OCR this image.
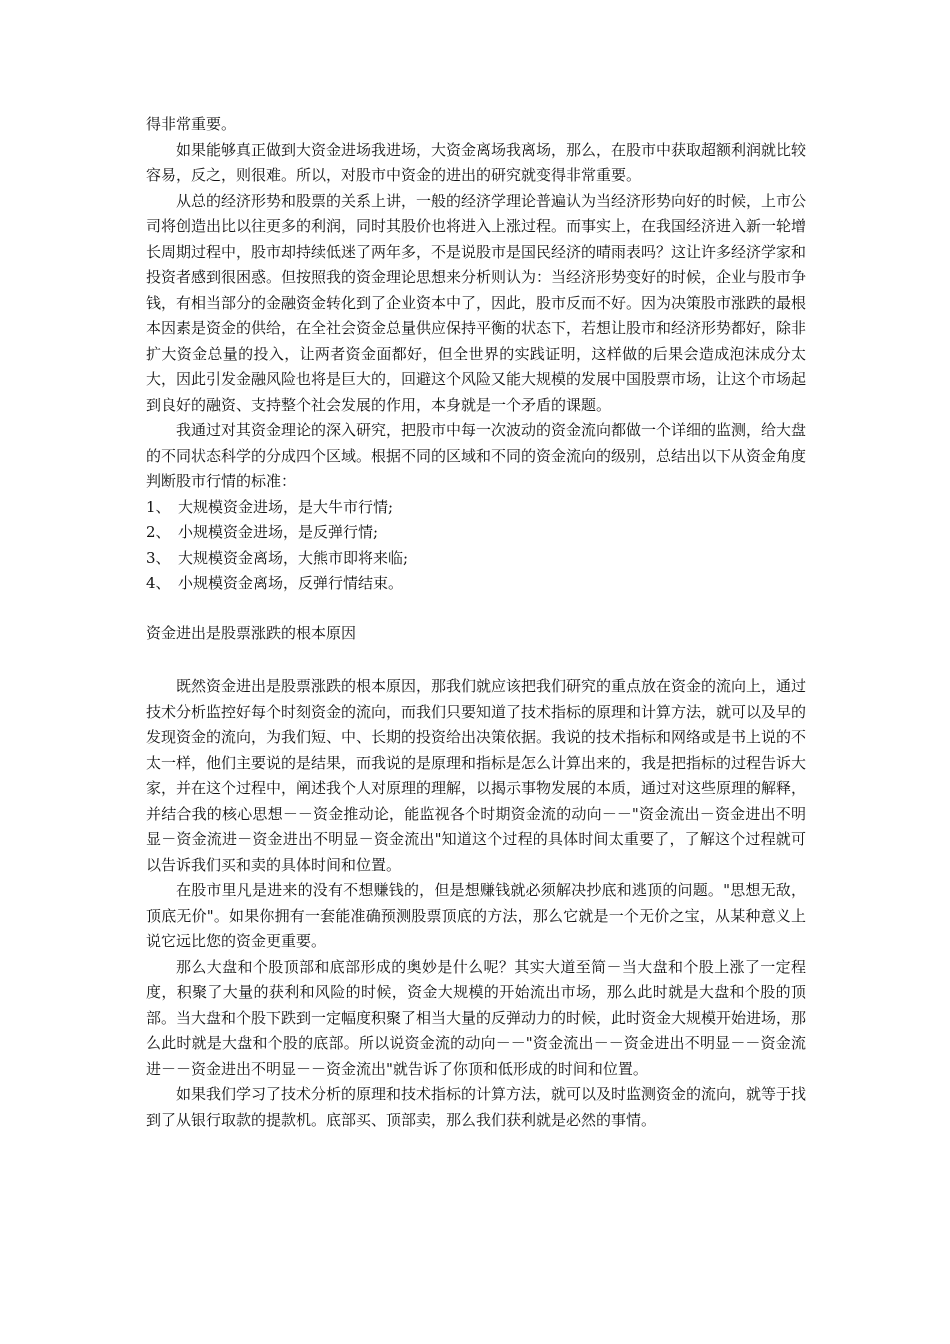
得非常重要。

如果能够真正做到大资金进场我进场，大资金离场我离场，那么，在股市中获取超额利润就比较容易，反之，则很难。所以，对股市中资金的进出的研究就变得非常重要。

从总的经济形势和股票的关系上讲，一般的经济学理论普遍认为当经济形势向好的时候，上市公司将创造出比以往更多的利润，同时其股价也将进入上涨过程。而事实上，在我国经济进入新一轮增长周期过程中，股市却持续低迷了两年多，不是说股市是国民经济的晴雨表吗？这让许多经济学家和投资者感到很困惑。但按照我的资金理论思想来分析则认为：当经济形势变好的时候，企业与股市争钱，有相当部分的金融资金转化到了企业资本中了，因此，股市反而不好。因为决策股市涨跌的最根本因素是资金的供给，在全社会资金总量供应保持平衡的状态下，若想让股市和经济形势都好，除非扩大资金总量的投入，让两者资金面都好，但全世界的实践证明，这样做的后果会造成泡沫成分太大，因此引发金融风险也将是巨大的，回避这个风险又能大规模的发展中国股票市场，让这个市场起到良好的融资、支持整个社会发展的作用，本身就是一个矛盾的课题。

我通过对其资金理论的深入研究，把股市中每一次波动的资金流向都做一个详细的监测，给大盘的不同状态科学的分成四个区域。根据不同的区域和不同的资金流向的级别，总结出以下从资金角度判断股市行情的标准：

1、 大规模资金进场，是大牛市行情;
2、 小规模资金进场，是反弹行情;
3、 大规模资金离场，大熊市即将来临;
4、 小规模资金离场，反弹行情结束。
资金进出是股票涨跌的根本原因

既然资金进出是股票涨跌的根本原因，那我们就应该把我们研究的重点放在资金的流向上，通过技术分析监控好每个时刻资金的流向，而我们只要知道了技术指标的原理和计算方法，就可以及早的发现资金的流向，为我们短、中、长期的投资给出决策依据。我说的技术指标和网络或是书上说的不太一样，他们主要说的是结果，而我说的是原理和指标是怎么计算出来的，我是把指标的过程告诉大家，并在这个过程中，阐述我个人对原理的理解，以揭示事物发展的本质，通过对这些原理的解释，并结合我的核心思想－－资金推动论，能监视各个时期资金流的动向－－"资金流出－资金进出不明显－资金流进－资金进出不明显－资金流出"知道这个过程的具体时间太重要了，了解这个过程就可以告诉我们买和卖的具体时间和位置。

在股市里凡是进来的没有不想赚钱的，但是想赚钱就必须解决抄底和逃顶的问题。"思想无敌，顶底无价"。如果你拥有一套能准确预测股票顶底的方法，那么它就是一个无价之宝，从某种意义上说它远比您的资金更重要。

那么大盘和个股顶部和底部形成的奥妙是什么呢？其实大道至简－当大盘和个股上涨了一定程度，积聚了大量的获利和风险的时候，资金大规模的开始流出市场，那么此时就是大盘和个股的顶部。当大盘和个股下跌到一定幅度积聚了相当大量的反弹动力的时候，此时资金大规模开始进场，那么此时就是大盘和个股的底部。所以说资金流的动向－－"资金流出－－资金进出不明显－－资金流进－－资金进出不明显－－资金流出"就告诉了你顶和低形成的时间和位置。

如果我们学习了技术分析的原理和技术指标的计算方法，就可以及时监测资金的流向，就等于找到了从银行取款的提款机。底部买、顶部卖，那么我们获利就是必然的事情。
